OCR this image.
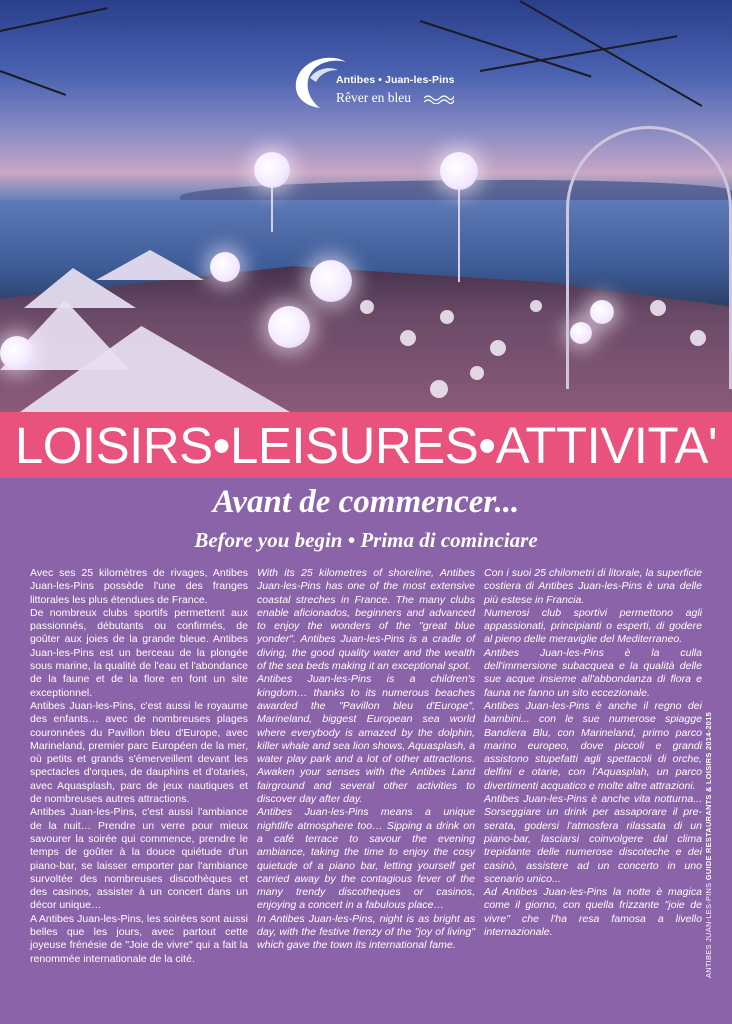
Antibes • Juan-les-Pins
Rêver en bleu
LOISIRS•LEISURES•ATTIVITA'
Avant de commencer...
Before you begin • Prima di cominciare

Avec ses 25 kilomètres de rivages, Antibes Juan-les-Pins possède l'une des franges littorales les plus étendues de France.

De nombreux clubs sportifs permettent aux passionnés, débutants ou confirmés, de goûter aux joies de la grande bleue. Antibes Juan-les-Pins est un berceau de la plongée sous marine, la qualité de l'eau et l'abondance de la faune et de la flore en font un site exceptionnel.

Antibes Juan-les-Pins, c'est aussi le royaume des enfants… avec de nombreuses plages couronnées du Pavillon bleu d'Europe, avec Marineland, premier parc Européen de la mer, où petits et grands s'émerveillent devant les spectacles d'orques, de dauphins et d'otaries, avec Aquasplash, parc de jeux nautiques et de nombreuses autres attractions.

Antibes Juan-les-Pins, c'est aussi l'ambiance de la nuit… Prendre un verre pour mieux savourer la soirée qui commence, prendre le temps de goûter à la douce quiétude d'un piano-bar, se laisser emporter par l'ambiance survoltée des nombreuses discothèques et des casinos, assister à un concert dans un décor unique…

A Antibes Juan-les-Pins, les soirées sont aussi belles que les jours, avec partout cette joyeuse frénésie de "Joie de vivre" qui a fait la renommée internationale de la cité.

With its 25 kilometres of shoreline, Antibes Juan-les-Pins has one of the most extensive coastal streches in France. The many clubs enable aficionados, beginners and advanced to enjoy the wonders of the "great blue yonder". Antibes Juan-les-Pins is a cradle of diving, the good quality water and the wealth of the sea beds making it an exceptional spot.

Antibes Juan-les-Pins is a children's kingdom… thanks to its numerous beaches awarded the "Pavillon bleu d'Europe", Marineland, biggest European sea world where everybody is amazed by the dolphin, killer whale and sea lion shows, Aquasplash, a water play park and a lot of other attractions. Awaken your senses with the Antibes Land fairground and several other activities to discover day after day.

Antibes Juan-les-Pins means a unique nightlife atmosphere too… Sipping a drink on a café terrace to savour the evening ambiance, taking the time to enjoy the cosy quietude of a piano bar, letting yourself get carried away by the contagious fever of the many trendy discotheques or casinos, enjoying a concert in a fabulous place…

In Antibes Juan-les-Pins, night is as bright as day, with the festive frenzy of the "joy of living" which gave the town its international fame.

Con i suoi 25 chilometri di litorale, la superficie costiera di Antibes Juan-les-Pins è una delle più estese in Francia.

Numerosi club sportivi permettono agli appassionati, principianti o esperti, di godere al pieno delle meraviglie del Mediterraneo.

Antibes Juan-les-Pins è la culla dell'immersione subacquea e la qualità delle sue acque insieme all'abbondanza di flora e fauna ne fanno un sito eccezionale.

Antibes Juan-les-Pins è anche il regno dei bambini... con le sue numerose spiagge Bandiera Blu, con Marineland, primo parco marino europeo, dove piccoli e grandi assistono stupefatti agli spettacoli di orche, delfini e otarie, con l'Aquasplah, un parco divertimenti acquatico e molte altre attrazioni.

Antibes Juan-les-Pins è anche vita notturna... Sorseggiare un drink per assaporare il pre-serata, godersi l'atmosfera rilassata di un piano-bar, lasciarsi coinvolgere dal clima trepidante delle numerose discoteche e dei casinò, assistere ad un concerto in uno scenario unico...

Ad Antibes Juan-les-Pins la notte è magica come il giorno, con quella frizzante "joie de vivre" che l'ha resa famosa a livello internazionale.	ANTIBES JUAN-LES-PINS GUIDE RESTAURANTS & LOISIRS 2014-2015
